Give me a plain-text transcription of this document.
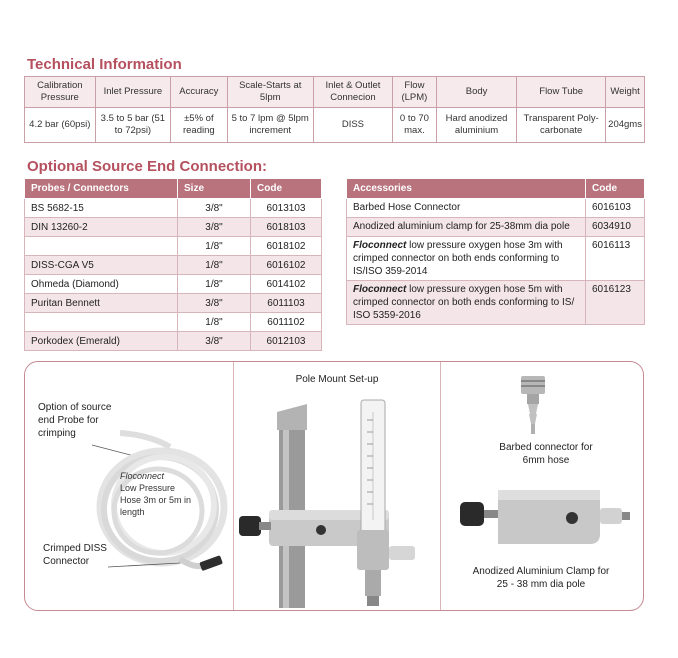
Technical Information
Calibration Pressure	Inlet Pressure	Accuracy	Scale-Starts at 5lpm	Inlet & Outlet Connecion	Flow (LPM)	Body	Flow Tube	Weight
4.2 bar (60psi)	3.5 to 5 bar (51 to 72psi)	±5% of reading	5 to 7 lpm @ 5lpm increment	DISS	0 to 70 max.	Hard anodized aluminium	Transparent Poly-carbonate	204gms
Optional Source End Connection:
Probes / Connectors	Size	Code
BS 5682-15	3/8"	6013103
DIN 13260-2	3/8"	6018103
	1/8"	6018102
DISS-CGA V5	1/8"	6016102
Ohmeda (Diamond)	1/8"	6014102
Puritan Bennett	3/8"	6011103
	1/8"	6011102
Porkodex (Emerald)	3/8"	6012103
Accessories	Code
Barbed Hose Connector	6016103
Anodized aluminium clamp for 25-38mm dia pole	6034910
Floconnect low pressure oxygen hose 3m with crimped connector on both ends conforming to IS/ISO 359-2014	6016113
Floconnect low pressure oxygen hose 5m with crimped connector on both ends conforming to IS/ ISO 5359-2016	6016123
Option of source end Probe for crimping
Floconnect
Low Pressure Hose 3m or 5m in length
Crimped DISS Connector
Pole Mount Set-up
Barbed connector for 6mm hose
Anodized Aluminium Clamp for 25 - 38 mm dia pole
